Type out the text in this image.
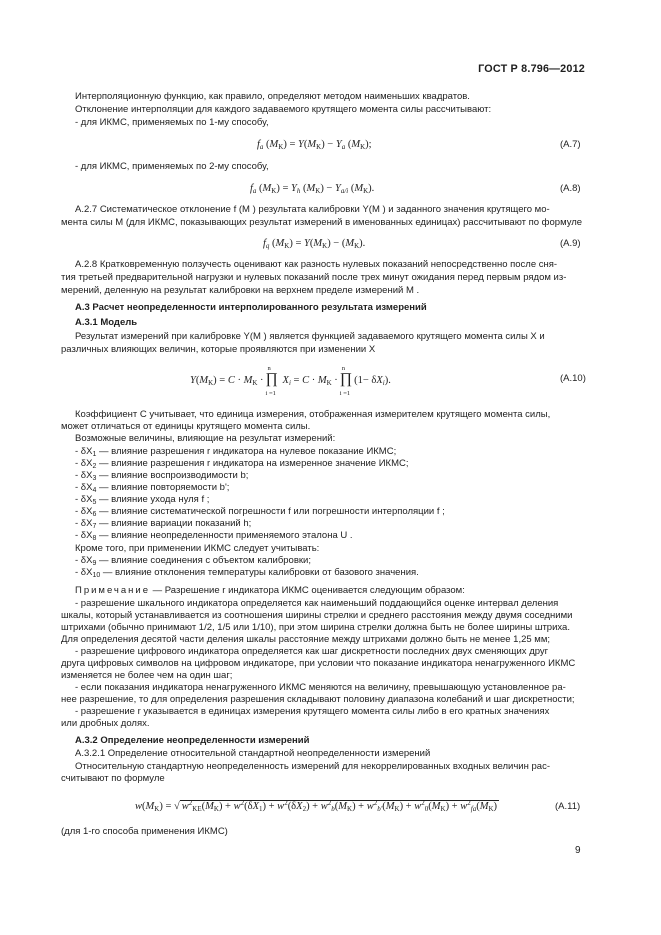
ГОСТ Р 8.796—2012
Интерполяционную функцию, как правило, определяют методом наименьших квадратов.
Отклонение интерполяции для каждого задаваемого крутящего момента силы рассчитывают:
- для ИКМС, применяемых по 1-му способу,
$f_a$ $(M_K) = Y(M_K) - Y_a$ $(M_K)$;	(А.7)
- для ИКМС, применяемых по 2-му способу,
$f_a$ $(M_K) = Y_h$ $(M_K) - Y_{a/i}$ $(M_K)$.	(А.8)
А.2.7 Систематическое отклонение f (M ) результата калибровки Y(M ) и заданного значения крутящего мо-
мента силы M (для ИКМС, показывающих результат измерений в именованных единицах) рассчитывают по формуле
$f_q$ $(M_K) = Y(M_K) - (M_K)$.	(А.9)
А.2.8 Кратковременную ползучесть оценивают как разность нулевых показаний непосредственно после сня-
тия третьей предварительной нагрузки и нулевых показаний после трех минут ожидания перед первым рядом из-
мерений, деленную на результат калибровки на верхнем пределе измерений M .
А.3 Расчет неопределенности интерполированного результата измерений
А.3.1 Модель
Результат измерений при калибровке Y(M ) является функцией задаваемого крутящего момента силы X и
различных влияющих величин, которые проявляются при изменении X
$Y(M_K) = C \cdot M_K$ · ∏
n
i =1
$X_i = C \cdot M_K$ · ∏
n
i =1
$(1- \delta X_i)$.	(А.10)
Коэффициент C учитывает, что единица измерения, отображенная измерителем крутящего момента силы,
может отличаться от единицы крутящего момента силы.
Возможные величины, влияющие на результат измерений:
- $\delta X_1$ — влияние разрешения r индикатора на нулевое показание ИКМС;
- $\delta X_2$ — влияние разрешения r индикатора на измеренное значение ИКМС;
- $\delta X_3$ — влияние воспроизводимости b;
- $\delta X_4$ — влияние повторяемости b';
- $\delta X_5$ — влияние ухода нуля f ;
- $\delta X_6$ — влияние систематической погрешности f или погрешности интерполяции f ;
- $\delta X_7$ — влияние вариации показаний h;
- $\delta X_8$ — влияние неопределенности применяемого эталона U .
Кроме того, при применении ИКМС следует учитывать:
- $\delta X_9$ — влияние соединения с объектом калибровки;
- $\delta X_{10}$ — влияние отклонения температуры калибровки от базового значения.
Примечание — Разрешение r индикатора ИКМС оценивается следующим образом:
- разрешение шкального индикатора определяется как наименьший поддающийся оценке интервал деления
шкалы, который устанавливается из соотношения ширины стрелки и среднего расстояния между двумя соседними
штрихами (обычно принимают 1/2, 1/5 или 1/10), при этом ширина стрелки должна быть не более ширины штриха.
Для определения десятой части деления шкалы расстояние между штрихами должно быть не менее 1,25 мм;
- разрешение цифрового индикатора определяется как шаг дискретности последних двух сменяющих друг
друга цифровых символов на цифровом индикаторе, при условии что показание индикатора ненагруженного ИКМС
изменяется не более чем на один шаг;
- если показания индикатора ненагруженного ИКМС меняются на величину, превышающую установленное ра-
нее разрешение, то для определения разрешения складывают половину диапазона колебаний и шаг дискретности;
- разрешение r указывается в единицах измерения крутящего момента силы либо в его кратных значениях
или дробных долях.
А.3.2 Определение неопределенности измерений
А.3.2.1 Определение относительной стандартной неопределенности измерений
Относительную стандартную неопределенность измерений для некоррелированных входных величин рас-
считывают по формуле
$w(M_K)$ = √ $w^2_{KE}(M_K) + w^2(\delta X_1) + w^2(\delta X_2) + w^2_b(M_K) + w^2_{b'}(M_K) + w^2_0(M_K) + w^2_{fa}(M_K)$	(А.11)
(для 1-го способа применения ИКМС)
9
